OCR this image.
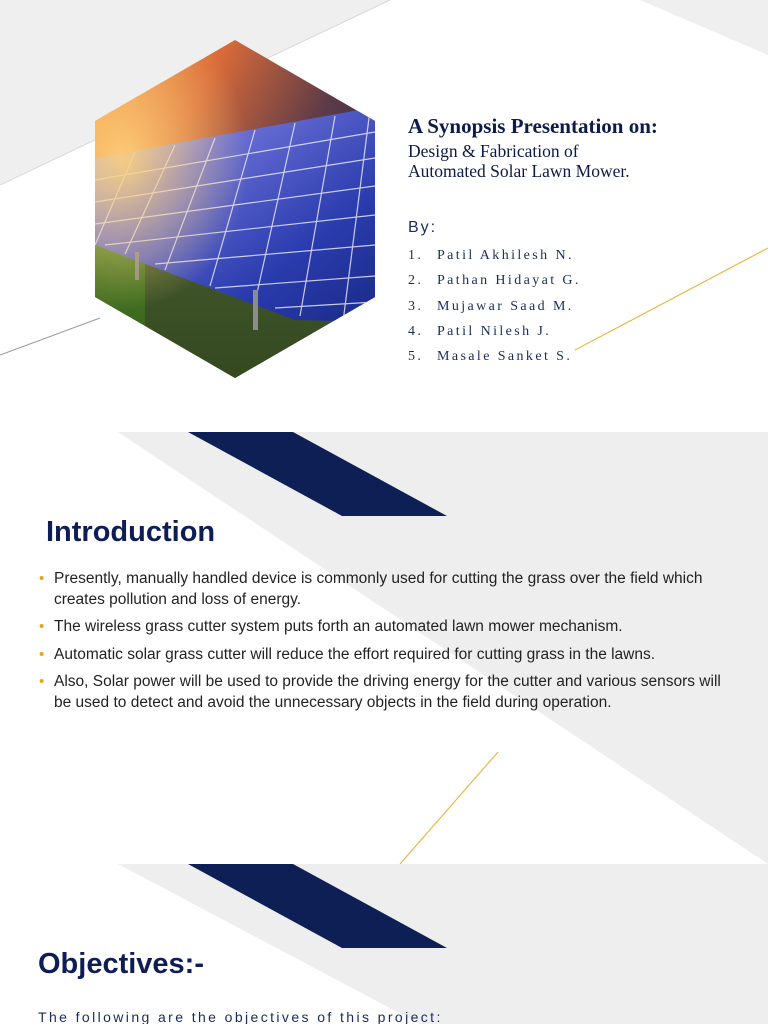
A Synopsis Presentation on:
Design & Fabrication of
Automated Solar Lawn Mower.
By:
1. Patil Akhilesh N.
2. Pathan Hidayat G.
3. Mujawar Saad M.
4. Patil Nilesh J.
5. Masale Sanket S.
Introduction
• Presently, manually handled device is commonly used for cutting the grass over the field which creates pollution and loss of energy.
• The wireless grass cutter system puts forth an automated lawn mower mechanism.
• Automatic solar grass cutter will reduce the effort required for cutting grass in the lawns.
• Also, Solar power will be used to provide the driving energy for the cutter and various sensors will be used to detect and avoid the unnecessary objects in the field during operation.
Objectives:-
The following are the objectives of this project:
